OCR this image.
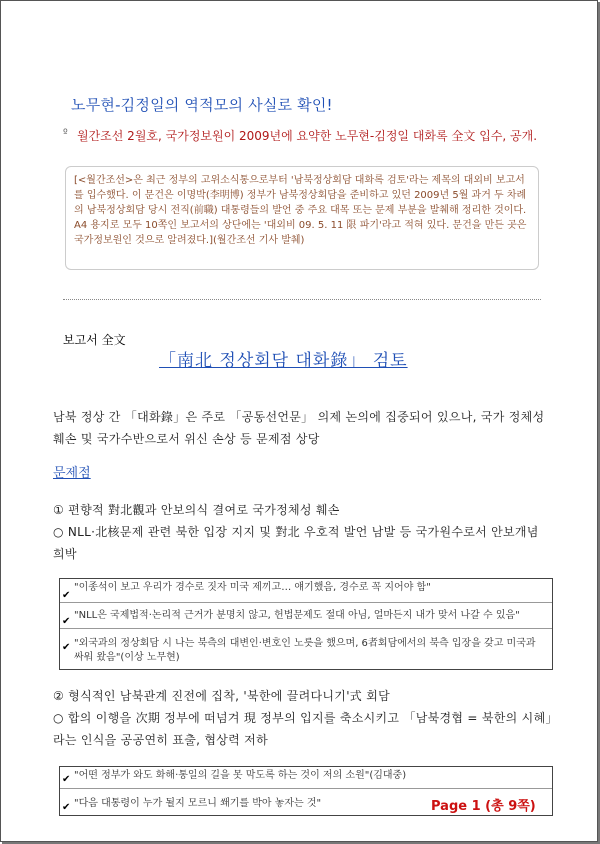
노무현-김정일의 역적모의 사실로 확인!
º 월간조선 2월호, 국가정보원이 2009년에 요약한 노무현-김정일 대화록 全文 입수, 공개.
[<월간조선>은 최근 정부의 고위소식통으로부터 '남북정상회담 대화록 검토'라는 제목의 대외비 보고서를 입수했다. 이 문건은 이명박(李明博) 정부가 남북정상회담을 준비하고 있던 2009년 5월 과거 두 차례의 남북정상회담 당시 전직(前職) 대통령들의 발언 중 주요 대목 또는 문제 부분을 발췌해 정리한 것이다. A4 용지로 모두 10쪽인 보고서의 상단에는 '대외비 09. 5. 11 限 파기'라고 적혀 있다. 문건을 만든 곳은 국가정보원인 것으로 알려졌다.](월간조선 기사 발췌)
보고서 全文
「南北 정상회담 대화錄」 검토
남북 정상 간 「대화錄」은 주로 「공동선언문」 의제 논의에 집중되어 있으나, 국가 정체성 훼손 및 국가수반으로서 위신 손상 등 문제점 상당
문제점
① 편향적 對北觀과 안보의식 결여로 국가정체성 훼손
○ NLL·北核문제 관련 북한 입장 지지 및 對北 우호적 발언 남발 등 국가원수로서 안보개념 희박
✔
"이종석이 보고 우리가 경수로 짓자 미국 제끼고… 얘기했음, 경수로 꼭 지어야 함"
✔
"NLL은 국제법적·논리적 근거가 분명치 않고, 헌법문제도 절대 아님, 얼마든지 내가 맞서 나갈 수 있음"
✔ "외국과의 정상회담 시 나는 북측의 대변인·변호인 노릇을 했으며, 6者회담에서의 북측 입장을 갖고 미국과 싸워 왔음"(이상 노무현)
② 형식적인 남북관계 진전에 집착, '북한에 끌려다니기'式 회담
○ 합의 이행을 次期 정부에 떠넘겨 現 정부의 입지를 축소시키고 「남북경협 = 북한의 시혜」라는 인식을 공공연히 표출, 협상력 저하
✔ "어떤 정부가 와도 화해·통일의 길을 못 막도록 하는 것이 저의 소원"(김대중)
✔ "다음 대통령이 누가 될지 모르니 쐐기를 박아 놓자는 것"	Page 1 (총 9쪽)
